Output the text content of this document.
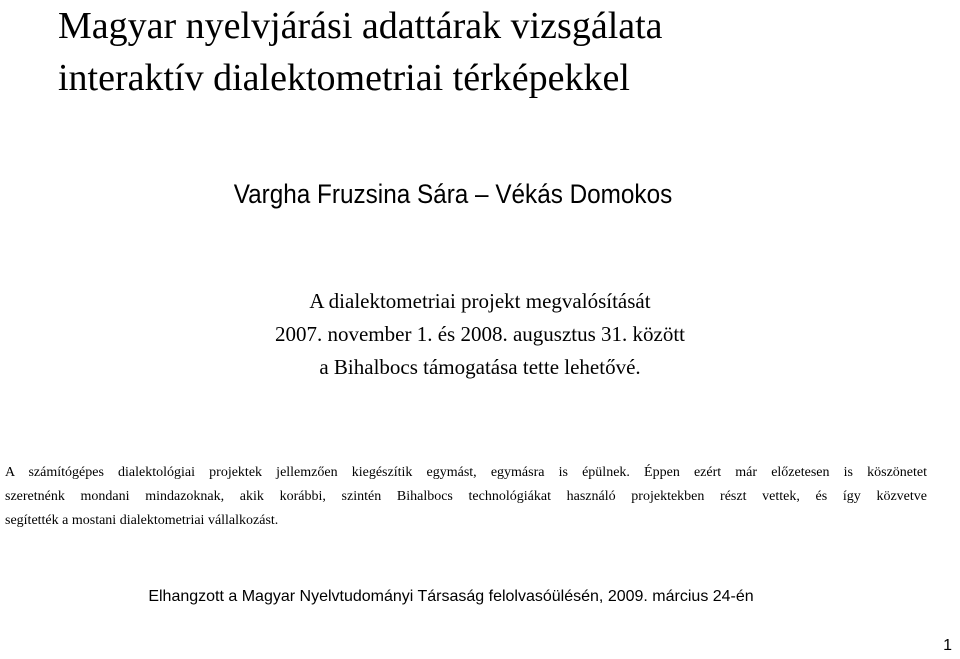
Magyar nyelvjárási adattárak vizsgálata
interaktív dialektometriai térképekkel
Vargha Fruzsina Sára – Vékás Domokos
A dialektometriai projekt megvalósítását
2007. november 1. és 2008. augusztus 31. között
a Bihalbocs támogatása tette lehetővé.
A számítógépes dialektológiai projektek jellemzően kiegészítik egymást, egymásra is épülnek. Éppen ezért már előzetesen is köszönetet
szeretnénk mondani mindazoknak, akik korábbi, szintén Bihalbocs technológiákat használó projektekben részt vettek, és így közvetve
segítették a mostani dialektometriai vállalkozást.
Elhangzott a Magyar Nyelvtudományi Társaság felolvasóülésén, 2009. március 24-én
1
